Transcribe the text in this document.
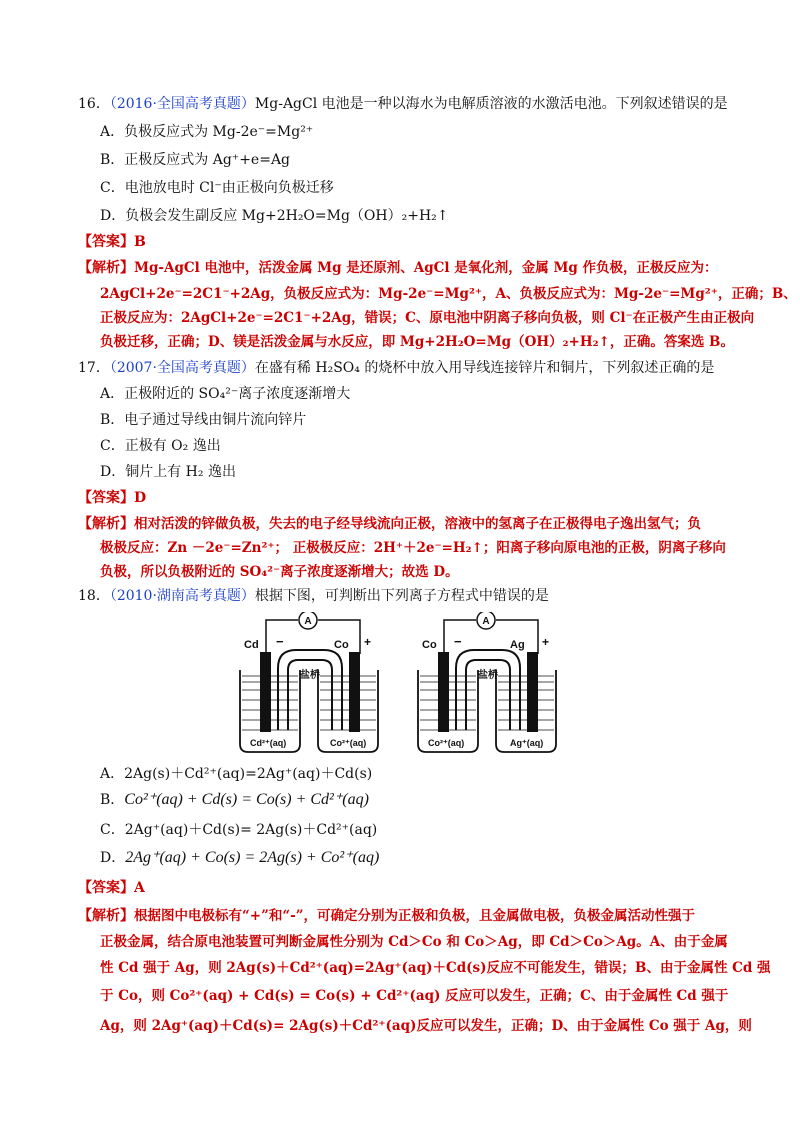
16．（2016·全国高考真题）Mg-AgCl 电池是一种以海水为电解质溶液的水激活电池。下列叙述错误的是
A．负极反应式为 Mg-2e⁻=Mg²⁺
B．正极反应式为 Ag⁺+e=Ag
C．电池放电时 Cl⁻由正极向负极迁移
D．负极会发生副反应 Mg+2H₂O=Mg（OH）₂+H₂↑
【答案】B
【解析】Mg-AgCl 电池中，活泼金属 Mg 是还原剂、AgCl 是氧化剂，金属 Mg 作负极，正极反应为：
2AgCl+2e⁻=2C1⁻+2Ag，负极反应式为：Mg-2e⁻=Mg²⁺，A、负极反应式为：Mg-2e⁻=Mg²⁺，正确；B、
正极反应为：2AgCl+2e⁻=2C1⁻+2Ag，错误；C、原电池中阴离子移向负极，则 Cl⁻在正极产生由正极向
负极迁移，正确；D、镁是活泼金属与水反应，即 Mg+2H₂O=Mg（OH）₂+H₂↑，正确。答案选 B。
17．（2007·全国高考真题）在盛有稀 H₂SO₄ 的烧杯中放入用导线连接锌片和铜片，下列叙述正确的是
A．正极附近的 SO₄²⁻离子浓度逐渐增大
B．电子通过导线由铜片流向锌片
C．正极有 O₂ 逸出
D．铜片上有 H₂ 逸出
【答案】D
【解析】相对活泼的锌做负极，失去的电子经导线流向正极，溶液中的氢离子在正极得电子逸出氢气；负
极极反应：Zn －2e⁻=Zn²⁺； 正极极反应：2H⁺＋2e⁻=H₂↑；阳离子移向原电池的正极，阴离子移向
负极，所以负极附近的 SO₄²⁻离子浓度逐渐增大；故选 D。
18．（2010·湖南高考真题）根据下图，可判断出下列离子方程式中错误的是
A
盐桥
Cd −	Co +
Cd²⁺(aq)	Co²⁺(aq)
A
盐桥
Co −	Ag +
Co²⁺(aq)	Ag⁺(aq)
A．2Ag(s)＋Cd²⁺(aq)=2Ag⁺(aq)＋Cd(s)
B．Co²⁺(aq) + Cd(s) = Co(s) + Cd²⁺(aq)
C．2Ag⁺(aq)＋Cd(s)= 2Ag(s)＋Cd²⁺(aq)
D．2Ag⁺(aq) + Co(s) = 2Ag(s) + Co²⁺(aq)
【答案】A
【解析】根据图中电极标有“+”和“-”，可确定分别为正极和负极，且金属做电极，负极金属活动性强于
正极金属，结合原电池装置可判断金属性分别为 Cd＞Co 和 Co＞Ag，即 Cd＞Co＞Ag。A、由于金属
性 Cd 强于 Ag，则 2Ag(s)＋Cd²⁺(aq)=2Ag⁺(aq)＋Cd(s)反应不可能发生，错误；B、由于金属性 Cd 强
于 Co，则 Co²⁺(aq) + Cd(s) = Co(s) + Cd²⁺(aq) 反应可以发生，正确；C、由于金属性 Cd 强于
Ag，则 2Ag⁺(aq)＋Cd(s)= 2Ag(s)＋Cd²⁺(aq)反应可以发生，正确；D、由于金属性 Co 强于 Ag，则
